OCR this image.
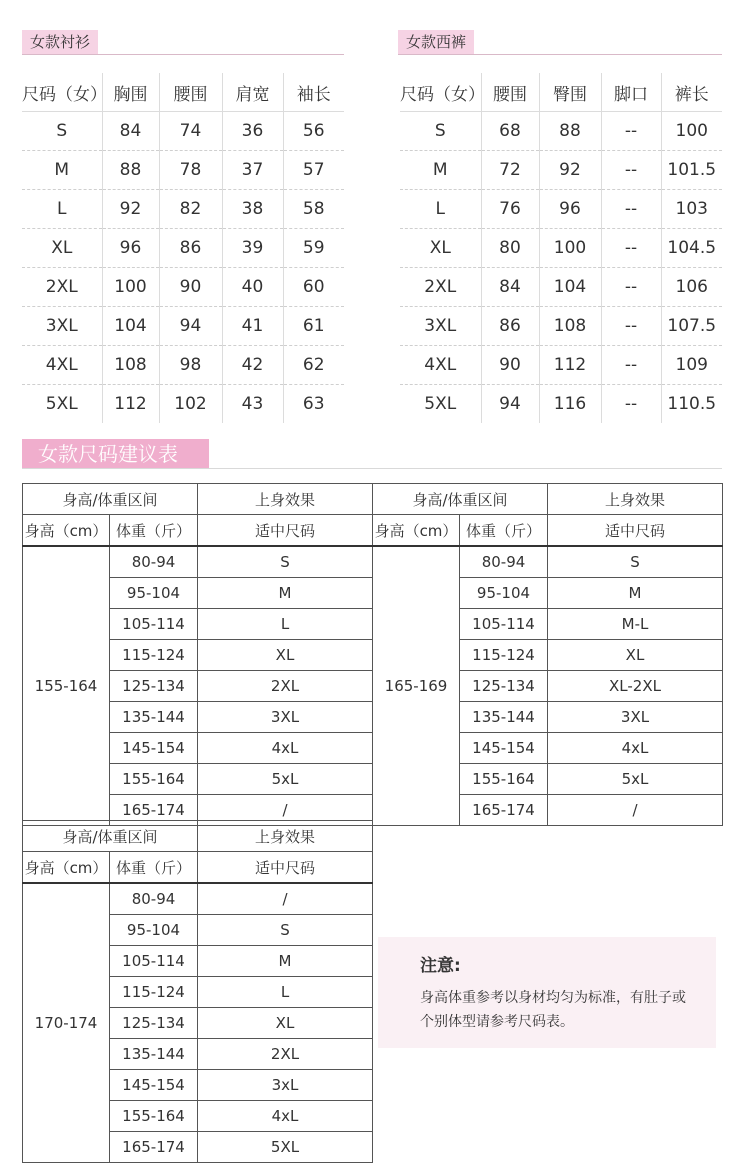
女款衬衫
尺码（女）	胸围	腰围	肩宽	袖长
S	84	74	36	56
M	88	78	37	57
L	92	82	38	58
XL	96	86	39	59
2XL	100	90	40	60
3XL	104	94	41	61
4XL	108	98	42	62
5XL	112	102	43	63
女款西裤
尺码（女）	腰围	臀围	脚口	裤长
S	68	88	--	100
M	72	92	--	101.5
L	76	96	--	103
XL	80	100	--	104.5
2XL	84	104	--	106
3XL	86	108	--	107.5
4XL	90	112	--	109
5XL	94	116	--	110.5
女款尺码建议表
身高/体重区间		上身效果
身高（cm）	体重（斤）	适中尺码
155-164	80-94	S
	95-104	M
	105-114	L
	115-124	XL
	125-134	2XL
	135-144	3XL
	145-154	4xL
	155-164	5xL
	165-174	/
身高/体重区间		上身效果
身高（cm）	体重（斤）	适中尺码
165-169	80-94	S
	95-104	M
	105-114	M-L
	115-124	XL
	125-134	XL-2XL
	135-144	3XL
	145-154	4xL
	155-164	5xL
	165-174	/
身高/体重区间		上身效果
身高（cm）	体重（斤）	适中尺码
170-174	80-94	/
	95-104	S
	105-114	M
	115-124	L
	125-134	XL
	135-144	2XL
	145-154	3xL
	155-164	4xL
	165-174	5XL
注意:
身高体重参考以身材均匀为标准，有肚子或个别体型请参考尺码表。
